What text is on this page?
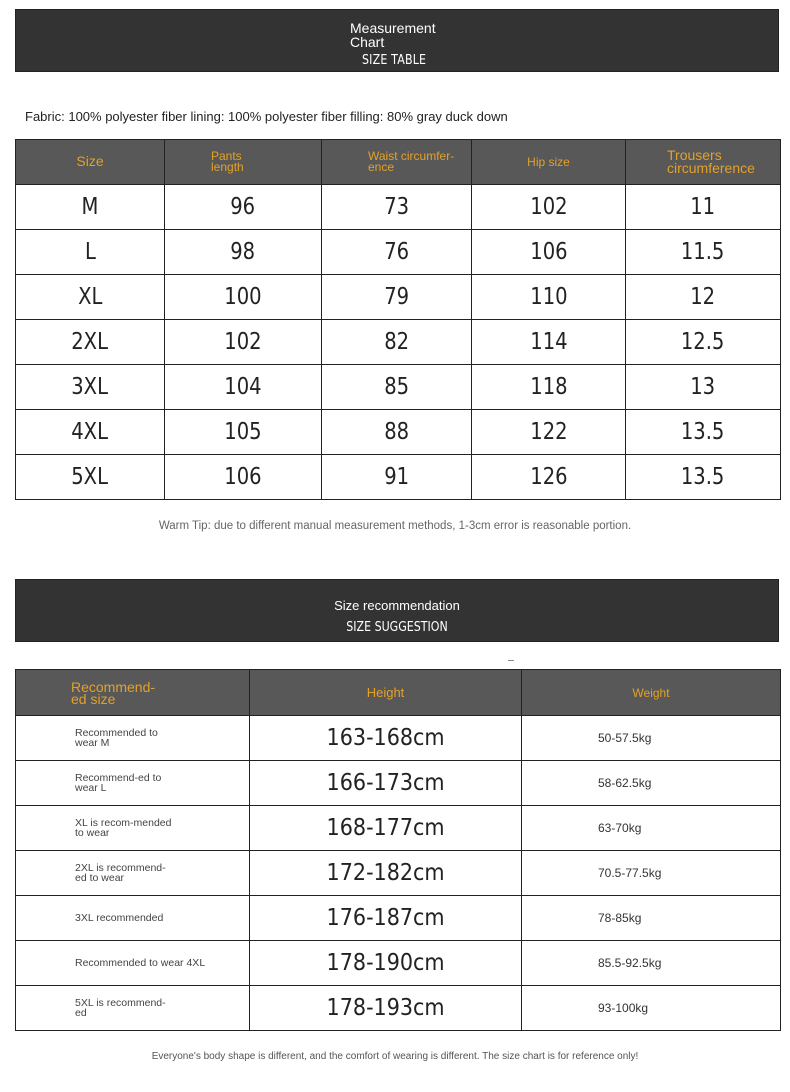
Measurement Chart
SIZE TABLE
Fabric: 100% polyester fiber lining: 100% polyester fiber filling: 80% gray duck down
Size	Pants length	Waist circumfer-ence	Hip size	Trousers circumference
M	96	73	102	11
L	98	76	106	11.5
XL	100	79	110	12
2XL	102	82	114	12.5
3XL	104	85	118	13
4XL	105	88	122	13.5
5XL	106	91	126	13.5
Warm Tip: due to different manual measurement methods, 1-3cm error is reasonable portion.
Size recommendation
SIZE SUGGESTION
Recommend-ed size	Height	Weight
Recommended to wear M	163-168cm	50-57.5kg
Recommend-ed to wear L	166-173cm	58-62.5kg
XL is recom-mended to wear	168-177cm	63-70kg
2XL is recommend-ed to wear	172-182cm	70.5-77.5kg
3XL recommended	176-187cm	78-85kg
Recommended to wear 4XL	178-190cm	85.5-92.5kg
5XL is recommend-ed	178-193cm	93-100kg
Everyone's body shape is different, and the comfort of wearing is different. The size chart is for reference only!
